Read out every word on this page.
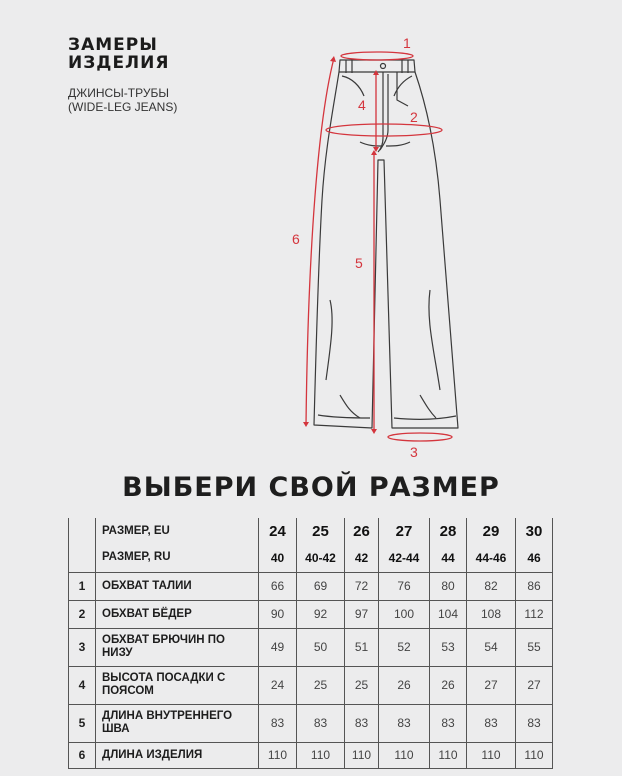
ЗАМЕРЫ
ИЗДЕЛИЯ
ДЖИНСЫ-ТРУБЫ
(WIDE-LEG JEANS)
1
2
3
4
5
6
ВЫБЕРИ СВОЙ РАЗМЕР
	РАЗМЕР, EU	24	25	26	27	28	29	30
	РАЗМЕР, RU	40	40-42	42	42-44	44	44-46	46
1	ОБХВАТ ТАЛИИ	66	69	72	76	80	82	86
2	ОБХВАТ БЁДЕР	90	92	97	100	104	108	112
3	ОБХВАТ БРЮЧИН ПО НИЗУ	49	50	51	52	53	54	55
4	ВЫСОТА ПОСАДКИ С ПОЯСОМ	24	25	25	26	26	27	27
5	ДЛИНА ВНУТРЕННЕГО ШВА	83	83	83	83	83	83	83
6	ДЛИНА ИЗДЕЛИЯ	110	110	110	110	110	110	110
